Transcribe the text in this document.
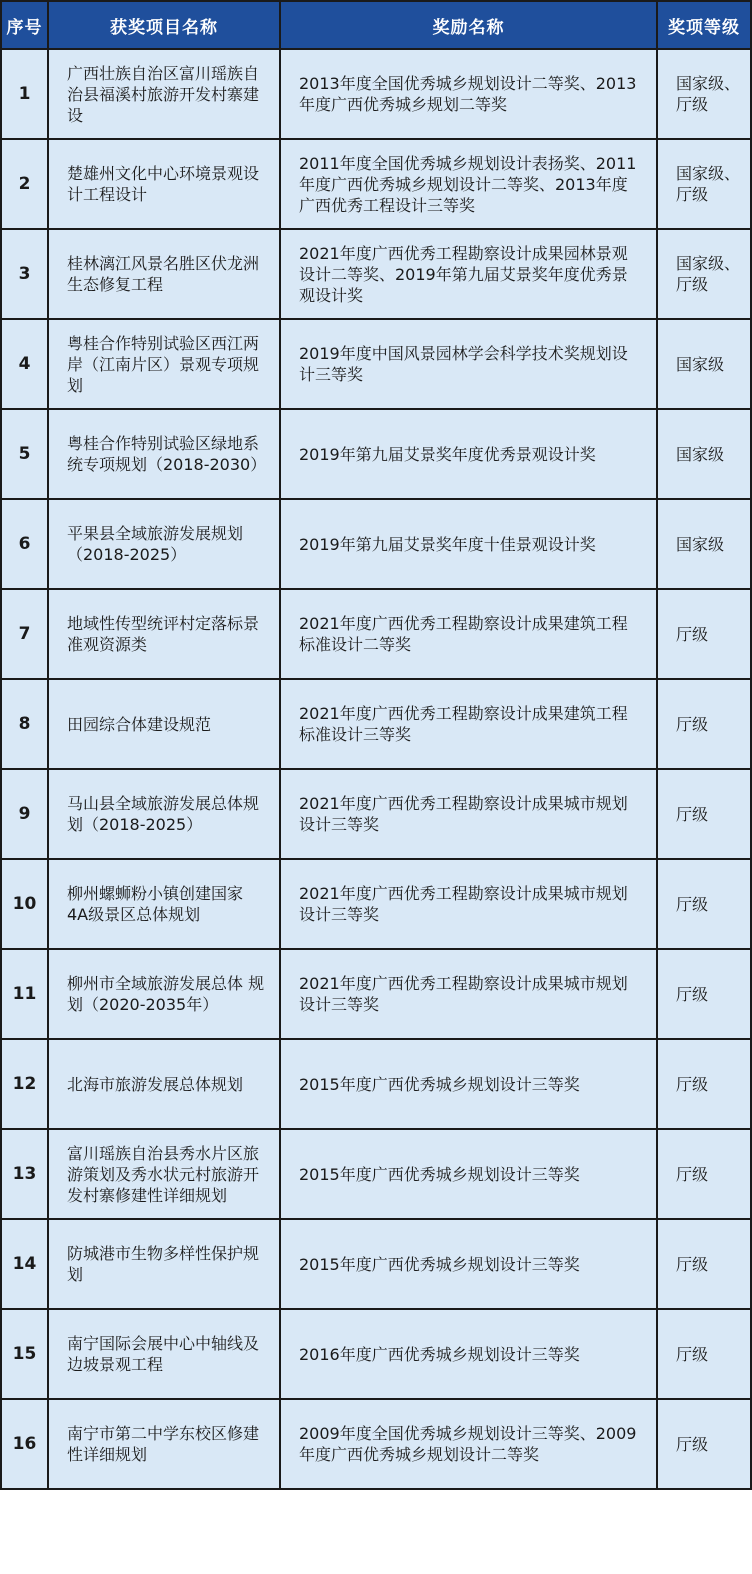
序号	获奖项目名称	奖励名称	奖项等级
1	广西壮族自治区富川瑶族自治县福溪村旅游开发村寨建设	2013年度全国优秀城乡规划设计二等奖、2013年度广西优秀城乡规划二等奖	国家级、厅级
2	楚雄州文化中心环境景观设计工程设计	2011年度全国优秀城乡规划设计表扬奖、2011年度广西优秀城乡规划设计二等奖、2013年度广西优秀工程设计三等奖	国家级、厅级
3	桂林漓江风景名胜区伏龙洲生态修复工程	2021年度广西优秀工程勘察设计成果园林景观设计二等奖、2019年第九届艾景奖年度优秀景观设计奖	国家级、厅级
4	粤桂合作特别试验区西江两岸（江南片区）景观专项规划	2019年度中国风景园林学会科学技术奖规划设计三等奖	国家级
5	粤桂合作特别试验区绿地系统专项规划（2018-2030）	2019年第九届艾景奖年度优秀景观设计奖	国家级
6	平果县全域旅游发展规划（2018-2025）	2019年第九届艾景奖年度十佳景观设计奖	国家级
7	地域性传型统评村定落标景准观资源类	2021年度广西优秀工程勘察设计成果建筑工程标准设计二等奖	厅级
8	田园综合体建设规范	2021年度广西优秀工程勘察设计成果建筑工程标准设计三等奖	厅级
9	马山县全域旅游发展总体规划（2018-2025）	2021年度广西优秀工程勘察设计成果城市规划设计三等奖	厅级
10	柳州螺蛳粉小镇创建国家 4A级景区总体规划	2021年度广西优秀工程勘察设计成果城市规划设计三等奖	厅级
11	柳州市全域旅游发展总体 规划（2020-2035年）	2021年度广西优秀工程勘察设计成果城市规划设计三等奖	厅级
12	北海市旅游发展总体规划	2015年度广西优秀城乡规划设计三等奖	厅级
13	富川瑶族自治县秀水片区旅游策划及秀水状元村旅游开发村寨修建性详细规划	2015年度广西优秀城乡规划设计三等奖	厅级
14	防城港市生物多样性保护规划	2015年度广西优秀城乡规划设计三等奖	厅级
15	南宁国际会展中心中轴线及边坡景观工程	2016年度广西优秀城乡规划设计三等奖	厅级
16	南宁市第二中学东校区修建性详细规划	2009年度全国优秀城乡规划设计三等奖、2009年度广西优秀城乡规划设计二等奖	厅级
